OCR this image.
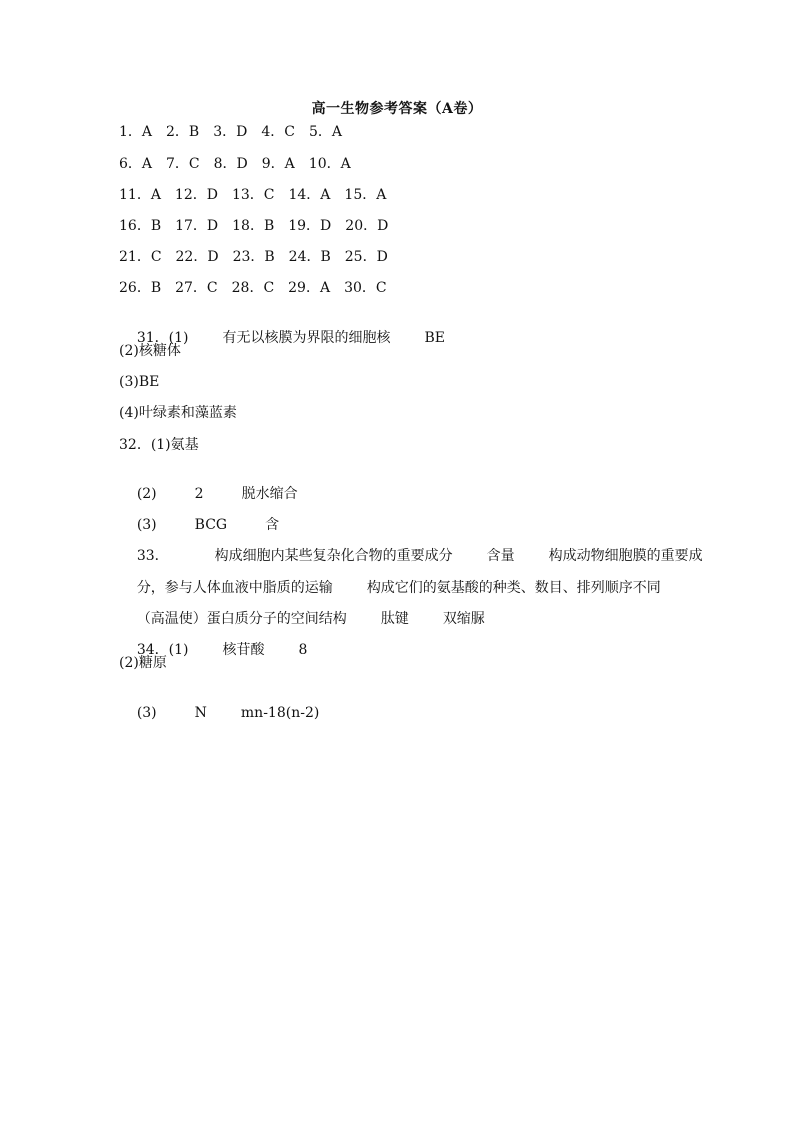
高一生物参考答案（A卷）
1．A　2．B　3．D　4．C　5．A
6．A　7．C　8．D　9．A　10．A
11．A　12．D　13．C　14．A　15．A
16．B　17．D　18．B　19．D　20．D
21．C　22．D　23．B　24．B　25．D
26．B　27．C　28．C　29．A　30．C

31．(1) 有无以核膜为界限的细胞核 BE

(2)核糖体
(3)BE
(4)叶绿素和藻蓝素
32．(1)氨基

(2)	2	脱水缩合

(3)	BCG	含

33．	构成细胞内某些复杂化合物的重要成分 含量 构成动物细胞膜的重要成

分，参与人体血液中脂质的运输 构成它们的氨基酸的种类、数目、排列顺序不同

（高温使）蛋白质分子的空间结构 肽键 双缩脲

34．(1) 核苷酸 8

(2)糖原

(3)	N mn-18(n-2)
